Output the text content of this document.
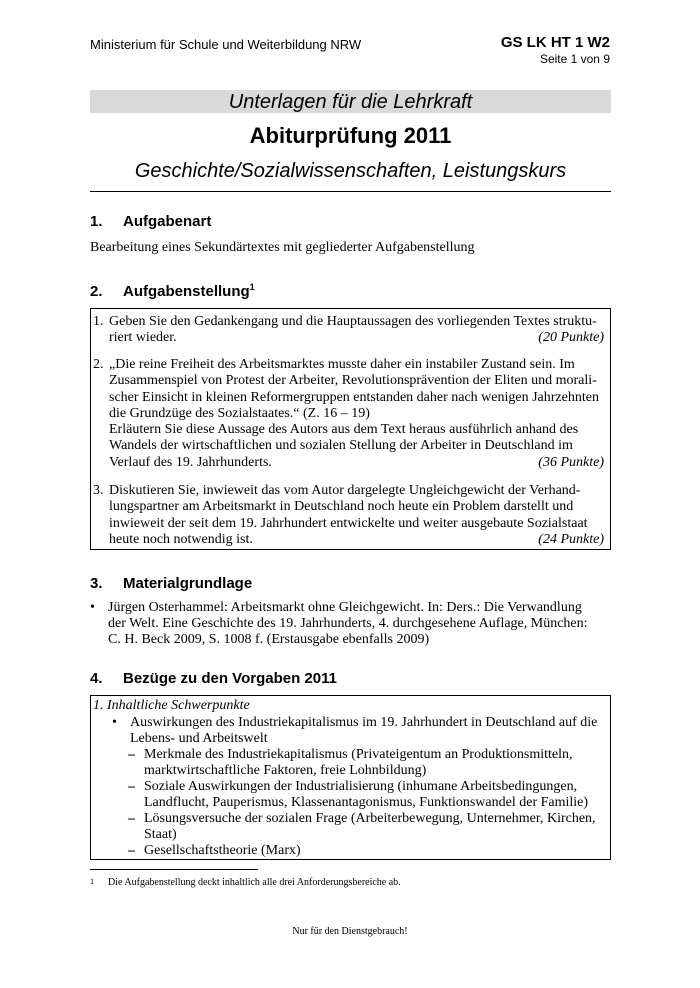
Ministerium für Schule und Weiterbildung NRW	GS LK HT 1 W2
Seite 1 von 9
Unterlagen für die Lehrkraft
Abiturprüfung 2011
Geschichte/Sozialwissenschaften, Leistungskurs
1. Aufgabenart
Bearbeitung eines Sekundärtextes mit gegliederter Aufgabenstellung
2. Aufgabenstellung$^1$
1. Geben Sie den Gedankengang und die Hauptaussagen des vorliegenden Textes struktu-
riert wieder.	(20 Punkte)
2. „Die reine Freiheit des Arbeitsmarktes musste daher ein instabiler Zustand sein. Im
Zusammenspiel von Protest der Arbeiter, Revolutionsprävention der Eliten und morali-
scher Einsicht in kleinen Reformergruppen entstanden daher nach wenigen Jahrzehnten
die Grundzüge des Sozialstaates.“ (Z. 16 – 19)
Erläutern Sie diese Aussage des Autors aus dem Text heraus ausführlich anhand des
Wandels der wirtschaftlichen und sozialen Stellung der Arbeiter in Deutschland im
Verlauf des 19. Jahrhunderts.	(36 Punkte)
3. Diskutieren Sie, inwieweit das vom Autor dargelegte Ungleichgewicht der Verhand-
lungspartner am Arbeitsmarkt in Deutschland noch heute ein Problem darstellt und
inwieweit der seit dem 19. Jahrhundert entwickelte und weiter ausgebaute Sozialstaat
heute noch notwendig ist.	(24 Punkte)
3. Materialgrundlage
• Jürgen Osterhammel: Arbeitsmarkt ohne Gleichgewicht. In: Ders.: Die Verwandlung
der Welt. Eine Geschichte des 19. Jahrhunderts, 4. durchgesehene Auflage, München:
C. H. Beck 2009, S. 1008 f. (Erstausgabe ebenfalls 2009)
4. Bezüge zu den Vorgaben 2011
1. Inhaltliche Schwerpunkte
• Auswirkungen des Industriekapitalismus im 19. Jahrhundert in Deutschland auf die
Lebens- und Arbeitswelt
– Merkmale des Industriekapitalismus (Privateigentum an Produktionsmitteln,
marktwirtschaftliche Faktoren, freie Lohnbildung)
– Soziale Auswirkungen der Industrialisierung (inhumane Arbeitsbedingungen,
Landflucht, Pauperismus, Klassenantagonismus, Funktionswandel der Familie)
– Lösungsversuche der sozialen Frage (Arbeiterbewegung, Unternehmer, Kirchen,
Staat)
– Gesellschaftstheorie (Marx)
1 Die Aufgabenstellung deckt inhaltlich alle drei Anforderungsbereiche ab.
Nur für den Dienstgebrauch!
